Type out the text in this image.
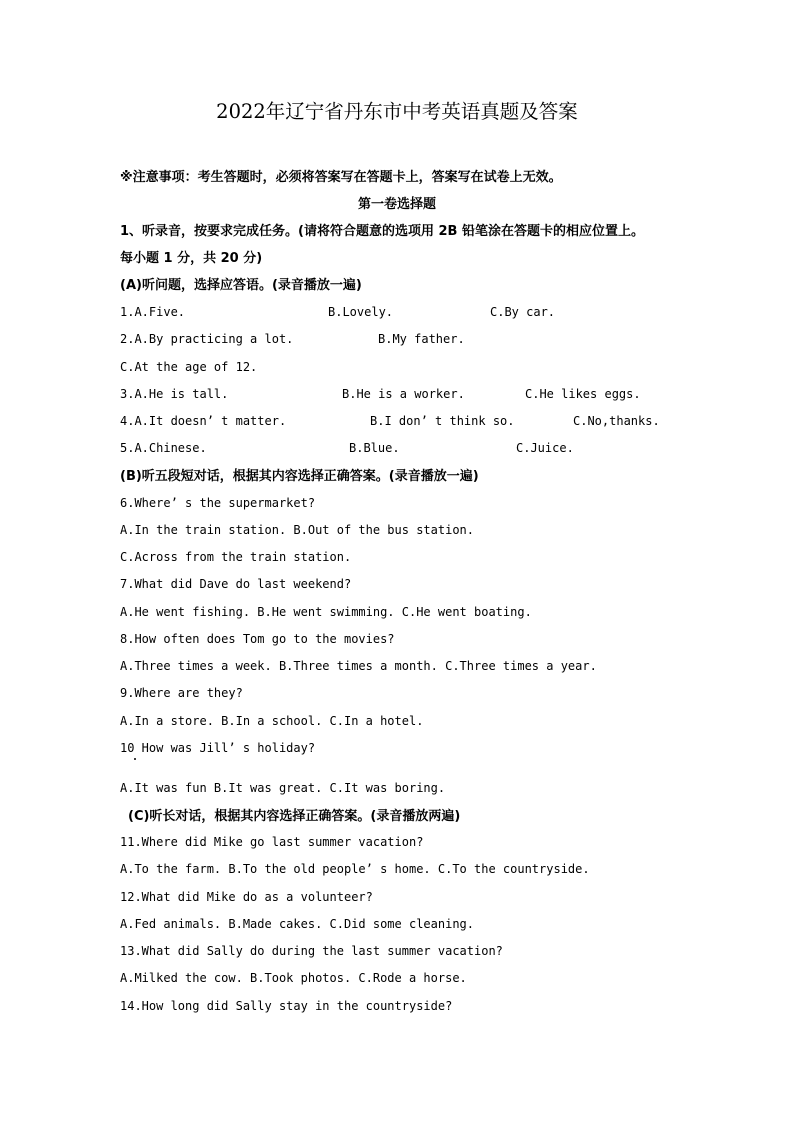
2022年辽宁省丹东市中考英语真题及答案
※注意事项：考生答题时，必须将答案写在答题卡上，答案写在试卷上无效。
第一卷选择题
1、听录音，按要求完成任务。(请将符合题意的选项用 2B 铅笔涂在答题卡的相应位置上。
每小题 1 分，共 20 分)
(A)听问题，选择应答语。(录音播放一遍)
1.A.Five.	B.Lovely.	C.By car.
2.A.By practicing a lot.	B.My father.
C.At the age of 12.
3.A.He is tall.	B.He is a worker.	C.He likes eggs.
4.A.It doesn’ t matter.	B.I don’ t think so.	C.No,thanks.
5.A.Chinese.	B.Blue.	C.Juice.
(B)听五段短对话，根据其内容选择正确答案。(录音播放一遍)
6.Where’ s the supermarket?
A.In the train station. B.Out of the bus station.
C.Across from the train station.
7.What did Dave do last weekend?
A.He went fishing. B.He went swimming. C.He went boating.
8.How often does Tom go to the movies?
A.Three times a week. B.Three times a month. C.Three times a year.
9.Where are they?
A.In a store. B.In a school. C.In a hotel.
10 How was Jill’ s holiday?
A.It was fun B.It was great. C.It was boring.
(C)听长对话，根据其内容选择正确答案。(录音播放两遍)
11.Where did Mike go last summer vacation?
A.To the farm. B.To the old people’ s home. C.To the countryside.
12.What did Mike do as a volunteer?
A.Fed animals. B.Made cakes. C.Did some cleaning.
13.What did Sally do during the last summer vacation?
A.Milked the cow. B.Took photos. C.Rode a horse.
14.How long did Sally stay in the countryside?
